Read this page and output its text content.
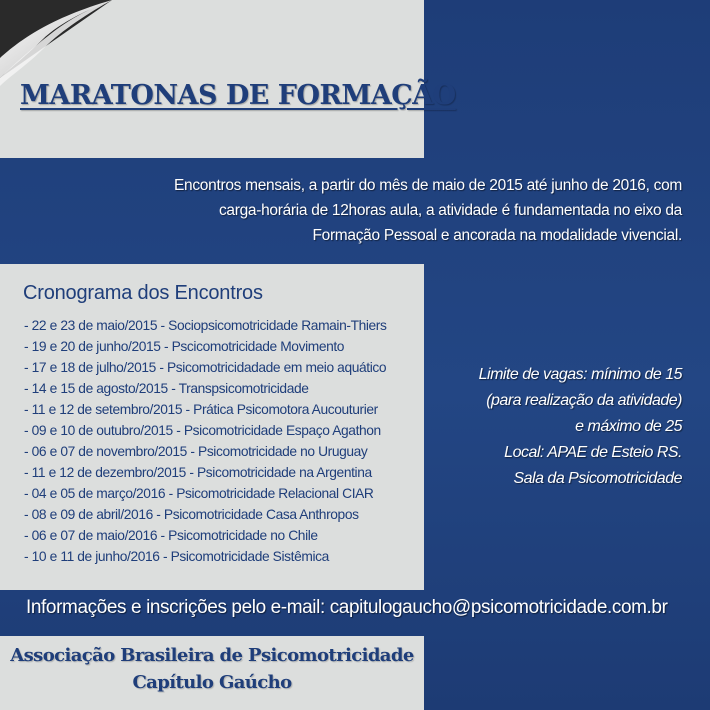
MARATONAS DE FORMAÇÃO
Encontros mensais, a partir do mês de maio de 2015 até junho de 2016, com
carga-horária de 12horas aula, a atividade é fundamentada no eixo da
Formação Pessoal e ancorada na modalidade vivencial.
Cronograma dos Encontros
- 22 e 23 de maio/2015 - Sociopsicomotricidade Ramain-Thiers
- 19 e 20 de junho/2015 - Pscicomotricidade Movimento
- 17 e 18 de julho/2015 - Psicomotricidadade em meio aquático
- 14 e 15 de agosto/2015 - Transpsicomotricidade
- 11 e 12 de setembro/2015 - Prática Psicomotora Aucouturier
- 09 e 10 de outubro/2015 - Psicomotricidade Espaço Agathon
- 06 e 07 de novembro/2015 - Psicomotricidade no Uruguay
- 11 e 12 de dezembro/2015 - Psicomotricidade na Argentina
- 04 e 05 de março/2016 - Psicomotricidade Relacional CIAR
- 08 e 09 de abril/2016 - Psicomotricidade Casa Anthropos
- 06 e 07 de maio/2016 - Psicomotricidade no Chile
- 10 e 11 de junho/2016 - Psicomotricidade Sistêmica
Limite de vagas: mínimo de 15
(para realização da atividade)
e máximo de 25
Local: APAE de Esteio RS.
Sala da Psicomotricidade
Informações e inscrições pelo e-mail: capitulogaucho@psicomotricidade.com.br
Associação Brasileira de Psicomotricidade
Capítulo Gaúcho
